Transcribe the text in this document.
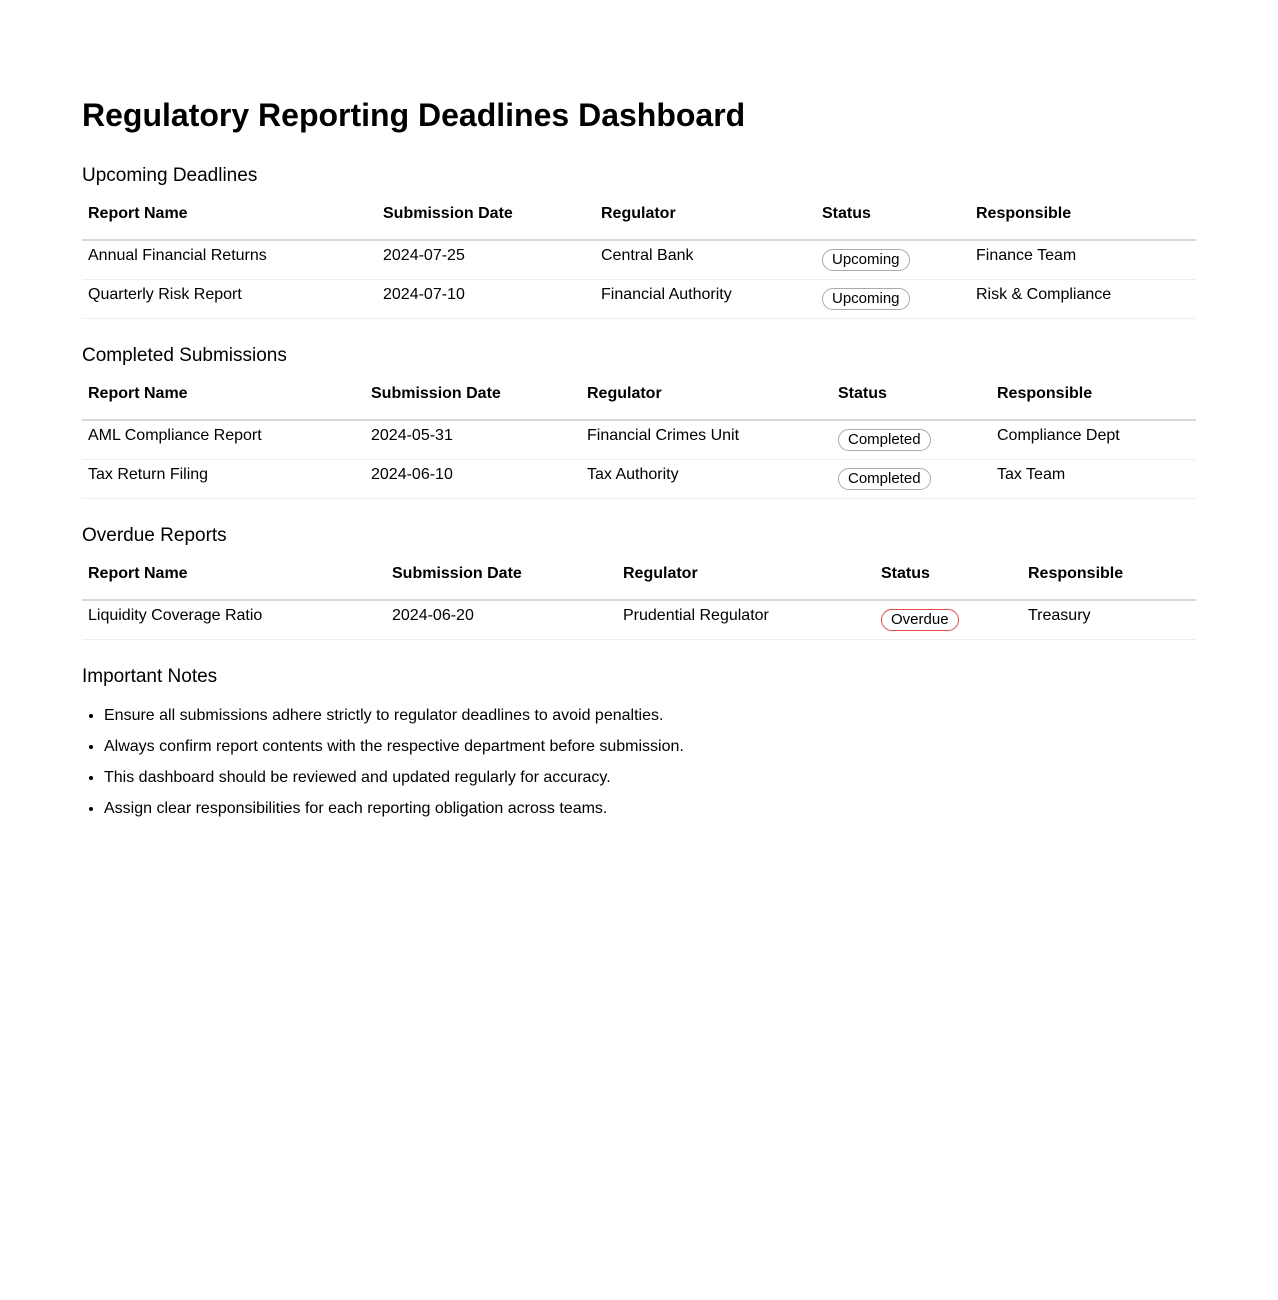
Regulatory Reporting Deadlines Dashboard
Upcoming Deadlines
Report Name	Submission Date	Regulator	Status	Responsible
Annual Financial Returns	2024-07-25	Central Bank	Upcoming	Finance Team
Quarterly Risk Report	2024-07-10	Financial Authority	Upcoming	Risk & Compliance
Completed Submissions
Report Name	Submission Date	Regulator	Status	Responsible
AML Compliance Report	2024-05-31	Financial Crimes Unit	Completed	Compliance Dept
Tax Return Filing	2024-06-10	Tax Authority	Completed	Tax Team
Overdue Reports
Report Name	Submission Date	Regulator	Status	Responsible
Liquidity Coverage Ratio	2024-06-20	Prudential Regulator	Overdue	Treasury
Important Notes
• Ensure all submissions adhere strictly to regulator deadlines to avoid penalties.
• Always confirm report contents with the respective department before submission.
• This dashboard should be reviewed and updated regularly for accuracy.
• Assign clear responsibilities for each reporting obligation across teams.
